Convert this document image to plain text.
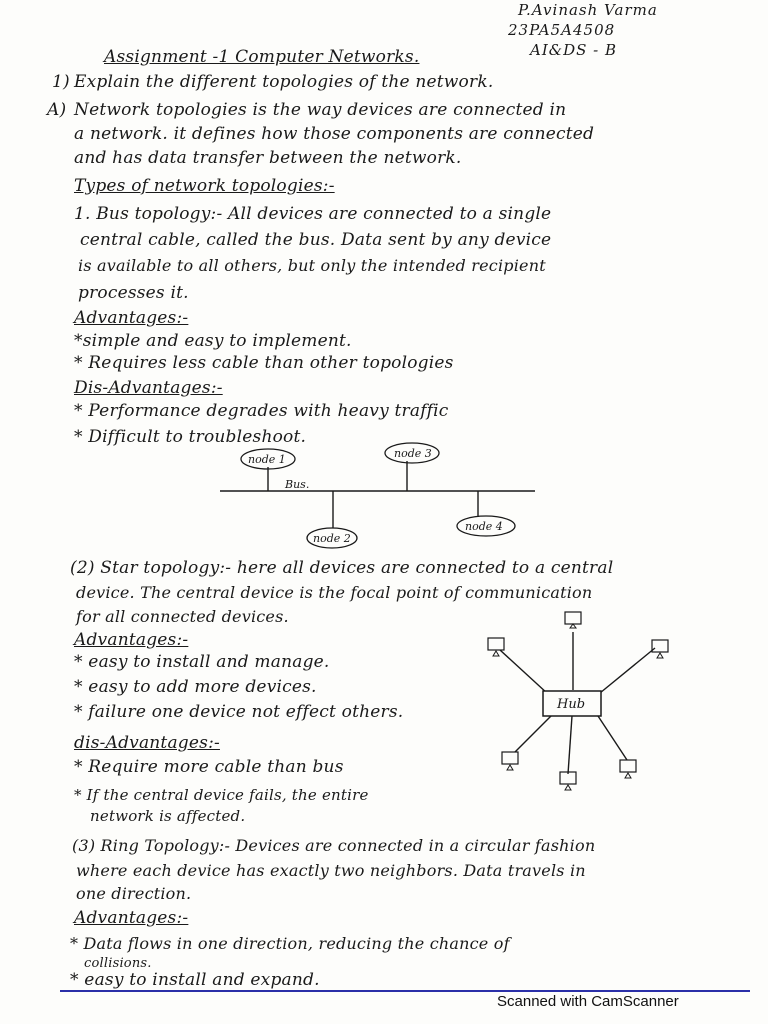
P.Avinash Varma
23PA5A4508
AI&DS - B
Assignment -1 Computer Networks.
1) Explain the different topologies of the network.
A) Network topologies is the way devices are connected in
a network. it defines how those components are connected
and has data transfer between the network.
Types of network topologies:-
1. Bus topology:- All devices are connected to a single
central cable, called the bus. Data sent by any device
is available to all others, but only the intended recipient
processes it.
Advantages:-
*simple and easy to implement.
* Requires less cable than other topologies
Dis-Advantages:-
* Performance degrades with heavy traffic
* Difficult to troubleshoot.
Bus.
node 1	node 3
node 2
node 4
(2) Star topology:- here all devices are connected to a central
device. The central device is the focal point of communication
for all connected devices.
Advantages:-
* easy to install and manage.
* easy to add more devices.
* failure one device not effect others.
dis-Advantages:-
* Require more cable than bus
* If the central device fails, the entire
network is affected.
Hub
(3) Ring Topology:- Devices are connected in a circular fashion
where each device has exactly two neighbors. Data travels in
one direction.
Advantages:-
* Data flows in one direction, reducing the chance of
collisions.
* easy to install and expand.
Scanned with CamScanner
